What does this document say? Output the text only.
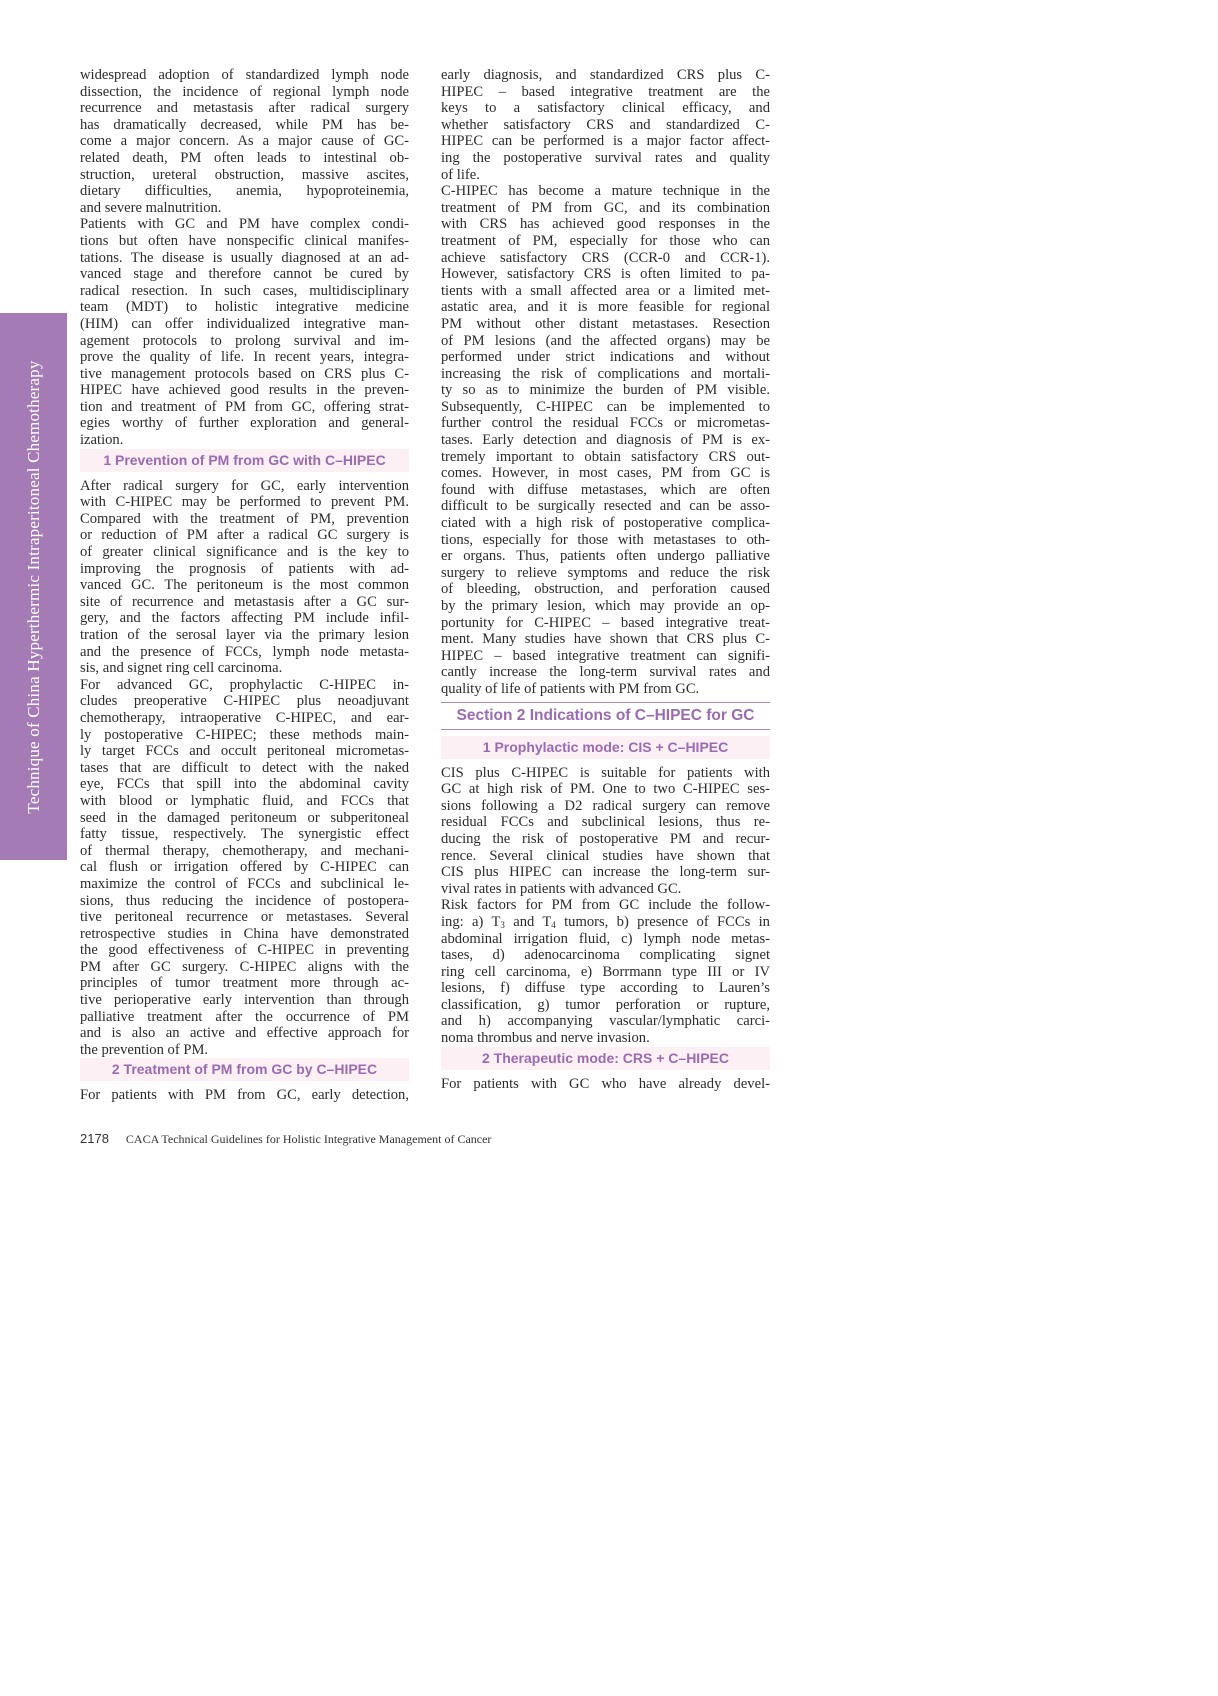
Technique of China Hyperthermic Intraperitoneal Chemotherapy
widespread adoption of standardized lymph node
dissection, the incidence of regional lymph node
recurrence and metastasis after radical surgery
has dramatically decreased, while PM has be-
come a major concern. As a major cause of GC-
related death, PM often leads to intestinal ob-
struction, ureteral obstruction, massive ascites,
dietary difficulties, anemia, hypoproteinemia,
and severe malnutrition.
Patients with GC and PM have complex condi-
tions but often have nonspecific clinical manifes-
tations. The disease is usually diagnosed at an ad-
vanced stage and therefore cannot be cured by
radical resection. In such cases, multidisciplinary
team (MDT) to holistic integrative medicine
(HIM) can offer individualized integrative man-
agement protocols to prolong survival and im-
prove the quality of life. In recent years, integra-
tive management protocols based on CRS plus C-
HIPEC have achieved good results in the preven-
tion and treatment of PM from GC, offering strat-
egies worthy of further exploration and general-
ization.
1 Prevention of PM from GC with C–HIPEC
After radical surgery for GC, early intervention
with C-HIPEC may be performed to prevent PM.
Compared with the treatment of PM, prevention
or reduction of PM after a radical GC surgery is
of greater clinical significance and is the key to
improving the prognosis of patients with ad-
vanced GC. The peritoneum is the most common
site of recurrence and metastasis after a GC sur-
gery, and the factors affecting PM include infil-
tration of the serosal layer via the primary lesion
and the presence of FCCs, lymph node metasta-
sis, and signet ring cell carcinoma.
For advanced GC, prophylactic C-HIPEC in-
cludes preoperative C-HIPEC plus neoadjuvant
chemotherapy, intraoperative C-HIPEC, and ear-
ly postoperative C-HIPEC; these methods main-
ly target FCCs and occult peritoneal micrometas-
tases that are difficult to detect with the naked
eye, FCCs that spill into the abdominal cavity
with blood or lymphatic fluid, and FCCs that
seed in the damaged peritoneum or subperitoneal
fatty tissue, respectively. The synergistic effect
of thermal therapy, chemotherapy, and mechani-
cal flush or irrigation offered by C-HIPEC can
maximize the control of FCCs and subclinical le-
sions, thus reducing the incidence of postopera-
tive peritoneal recurrence or metastases. Several
retrospective studies in China have demonstrated
the good effectiveness of C-HIPEC in preventing
PM after GC surgery. C-HIPEC aligns with the
principles of tumor treatment more through ac-
tive perioperative early intervention than through
palliative treatment after the occurrence of PM
and is also an active and effective approach for
the prevention of PM.
2 Treatment of PM from GC by C–HIPEC
For patients with PM from GC, early detection,
early diagnosis, and standardized CRS plus C-
HIPEC – based integrative treatment are the
keys to a satisfactory clinical efficacy, and
whether satisfactory CRS and standardized C-
HIPEC can be performed is a major factor affect-
ing the postoperative survival rates and quality
of life.
C-HIPEC has become a mature technique in the
treatment of PM from GC, and its combination
with CRS has achieved good responses in the
treatment of PM, especially for those who can
achieve satisfactory CRS (CCR-0 and CCR-1).
However, satisfactory CRS is often limited to pa-
tients with a small affected area or a limited met-
astatic area, and it is more feasible for regional
PM without other distant metastases. Resection
of PM lesions (and the affected organs) may be
performed under strict indications and without
increasing the risk of complications and mortali-
ty so as to minimize the burden of PM visible.
Subsequently, C-HIPEC can be implemented to
further control the residual FCCs or micrometas-
tases. Early detection and diagnosis of PM is ex-
tremely important to obtain satisfactory CRS out-
comes. However, in most cases, PM from GC is
found with diffuse metastases, which are often
difficult to be surgically resected and can be asso-
ciated with a high risk of postoperative complica-
tions, especially for those with metastases to oth-
er organs. Thus, patients often undergo palliative
surgery to relieve symptoms and reduce the risk
of bleeding, obstruction, and perforation caused
by the primary lesion, which may provide an op-
portunity for C-HIPEC – based integrative treat-
ment. Many studies have shown that CRS plus C-
HIPEC – based integrative treatment can signifi-
cantly increase the long-term survival rates and
quality of life of patients with PM from GC.
Section 2 Indications of C–HIPEC for GC
1 Prophylactic mode: CIS + C–HIPEC
CIS plus C-HIPEC is suitable for patients with
GC at high risk of PM. One to two C-HIPEC ses-
sions following a D2 radical surgery can remove
residual FCCs and subclinical lesions, thus re-
ducing the risk of postoperative PM and recur-
rence. Several clinical studies have shown that
CIS plus HIPEC can increase the long-term sur-
vival rates in patients with advanced GC.
Risk factors for PM from GC include the follow-
ing: a) $T_3$ and $T_4$ tumors, b) presence of FCCs in
abdominal irrigation fluid, c) lymph node metas-
tases, d) adenocarcinoma complicating signet
ring cell carcinoma, e) Borrmann type III or IV
lesions, f) diffuse type according to Lauren’s
classification, g) tumor perforation or rupture,
and h) accompanying vascular/lymphatic carci-
noma thrombus and nerve invasion.
2 Therapeutic mode: CRS + C–HIPEC
For patients with GC who have already devel-
2178 CACA Technical Guidelines for Holistic Integrative Management of Cancer
